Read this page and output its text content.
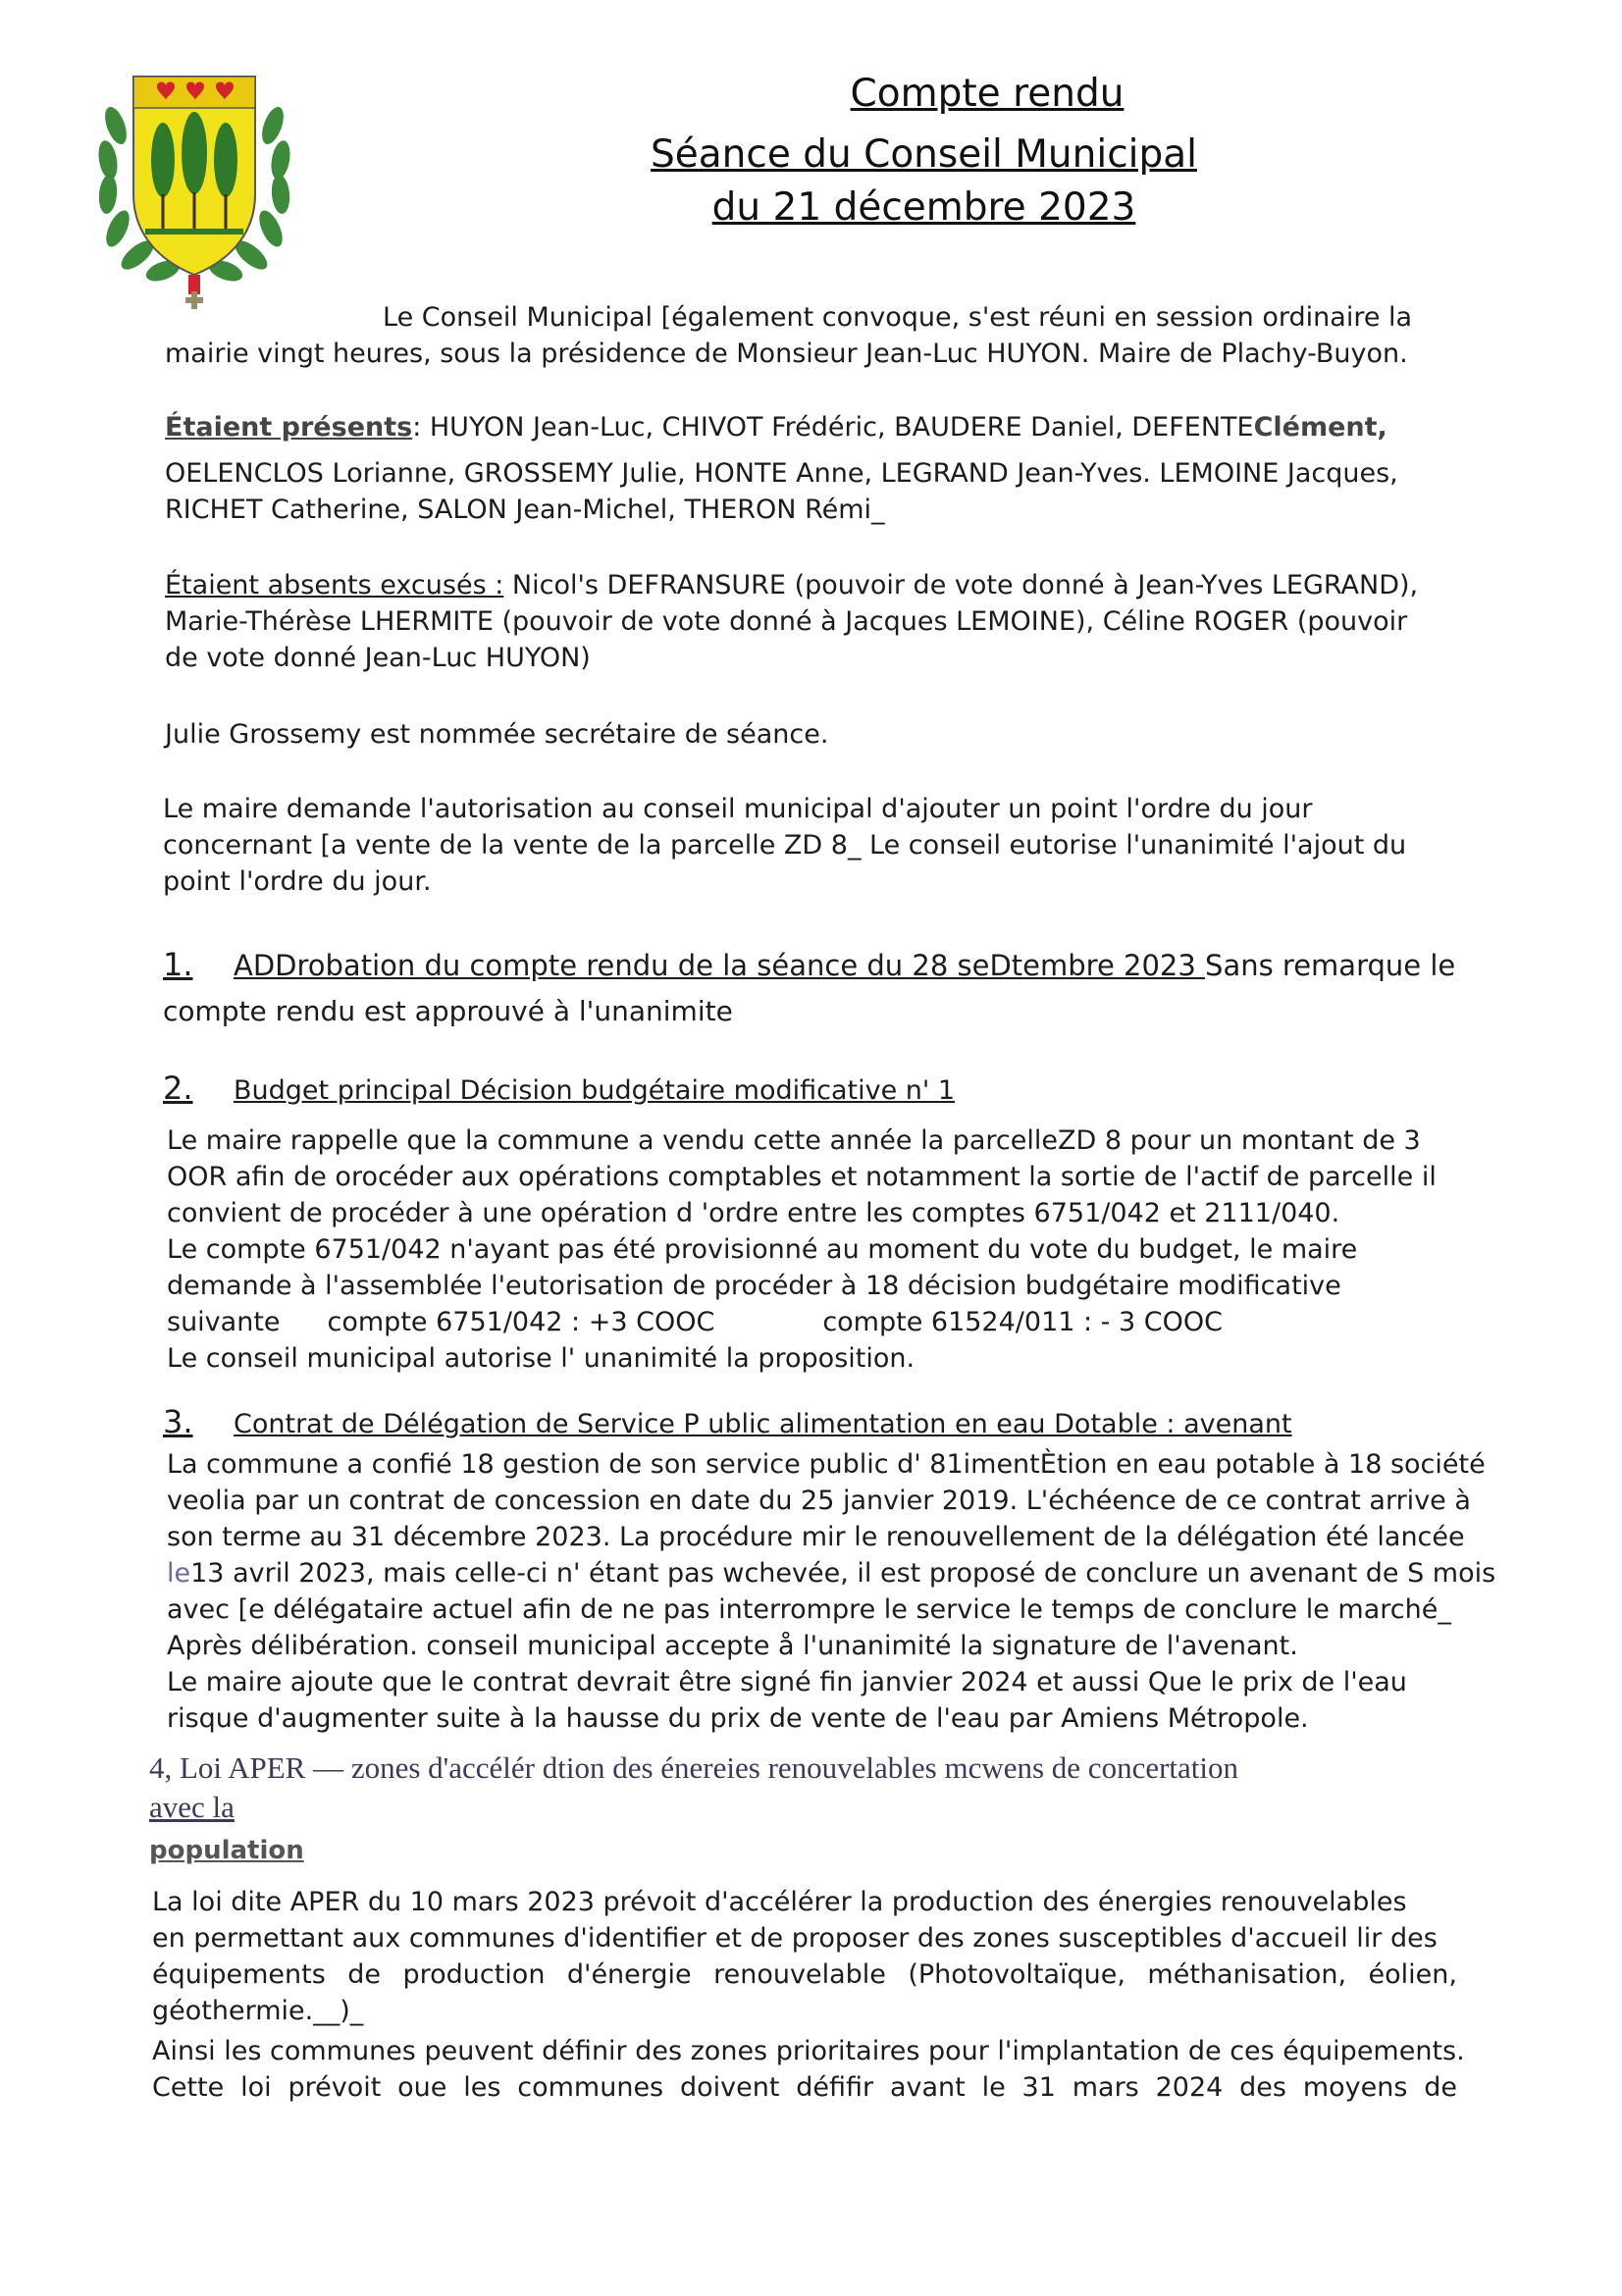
Compte rendu
Séance du Conseil Municipal
du 21 décembre 2023
Le Conseil Municipal [également convoque, s'est réuni en session ordinaire la
mairie vingt heures, sous la présidence de Monsieur Jean-Luc HUYON. Maire de Plachy-Buyon.
Étaient présents: HUYON Jean-Luc, CHIVOT Frédéric, BAUDERE Daniel, DEFENTEClément,
OELENCLOS Lorianne, GROSSEMY Julie, HONTE Anne, LEGRAND Jean-Yves. LEMOINE Jacques,
RICHET Catherine, SALON Jean-Michel, THERON Rémi_
Étaient absents excusés : Nicol's DEFRANSURE (pouvoir de vote donné à Jean-Yves LEGRAND),
Marie-Thérèse LHERMITE (pouvoir de vote donné à Jacques LEMOINE), Céline ROGER (pouvoir
de vote donné Jean-Luc HUYON)
Julie Grossemy est nommée secrétaire de séance.
Le maire demande l'autorisation au conseil municipal d'ajouter un point l'ordre du jour
concernant [a vente de la vente de la parcelle ZD 8_ Le conseil eutorise l'unanimité l'ajout du
point l'ordre du jour.
1. ADDrobation du compte rendu de la séance du 28 seDtembre 2023 Sans remarque le
compte rendu est approuvé à l'unanimite
2. Budget principal Décision budgétaire modificative n' 1
Le maire rappelle que la commune a vendu cette année la parcelleZD 8 pour un montant de 3
OOR afin de orocéder aux opérations comptables et notamment la sortie de l'actif de parcelle il
convient de procéder à une opération d 'ordre entre les comptes 6751/042 et 2111/040.
Le compte 6751/042 n'ayant pas été provisionné au moment du vote du budget, le maire
demande à l'assemblée l'eutorisation de procéder à 18 décision budgétaire modificative
suivante compte 6751/042 : +3 COOC	compte 61524/011 : - 3 COOC
Le conseil municipal autorise l' unanimité la proposition.
3. Contrat de Délégation de Service P ublic alimentation en eau Dotable : avenant
La commune a confié 18 gestion de son service public d' 81imentÈtion en eau potable à 18 société
veolia par un contrat de concession en date du 25 janvier 2019. L'échéence de ce contrat arrive à
son terme au 31 décembre 2023. La procédure mir le renouvellement de la délégation été lancée
le13 avril 2023, mais celle-ci n' étant pas wchevée, il est proposé de conclure un avenant de S mois
avec [e délégataire actuel afin de ne pas interrompre le service le temps de conclure le marché_
Après délibération. conseil municipal accepte å l'unanimité la signature de l'avenant.
Le maire ajoute que le contrat devrait être signé fin janvier 2024 et aussi Que le prix de l'eau
risque d'augmenter suite à la hausse du prix de vente de l'eau par Amiens Métropole.
4, Loi APER — zones d'accélér dtion des énereies renouvelables mcwens de concertation
avec la
population
La loi dite APER du 10 mars 2023 prévoit d'accélérer la production des énergies renouvelables
en permettant aux communes d'identifier et de proposer des zones susceptibles d'accueil lir des
équipements de production d'énergie renouvelable (Photovoltaïque, méthanisation, éolien,
géothermie.__)_
Ainsi les communes peuvent définir des zones prioritaires pour l'implantation de ces équipements.
Cette loi prévoit oue les communes doivent défifir avant le 31 mars 2024 des moyens de
